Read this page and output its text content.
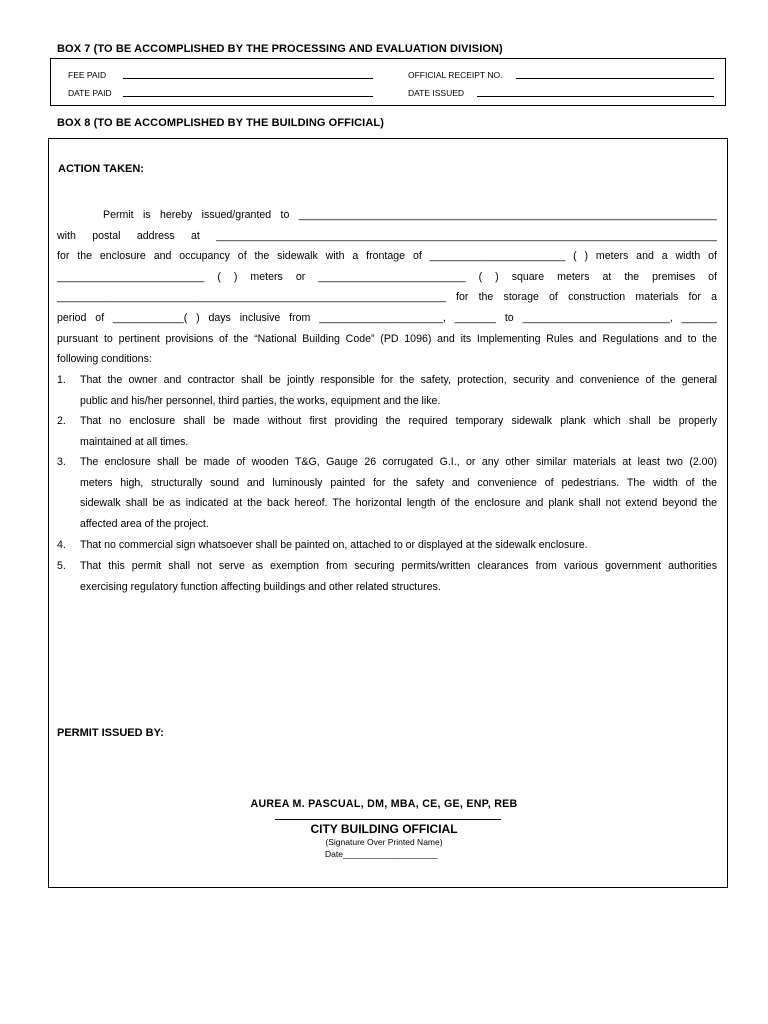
BOX 7 (TO BE ACCOMPLISHED BY THE PROCESSING AND EVALUATION DIVISION)
FEE PAID
DATE PAID
OFFICIAL RECEIPT NO.
DATE ISSUED
BOX 8 (TO BE ACCOMPLISHED BY THE BUILDING OFFICIAL)
ACTION TAKEN:
Permit is hereby issued/granted to _______________________________________________________________________
with postal address at _____________________________________________________________________________________
for the enclosure and occupancy of the sidewalk with a frontage of _______________________ ( ) meters and a width of
_________________________ ( ) meters or _________________________ ( ) square meters at the premises of
__________________________________________________________________ for the storage of construction materials for a
period of ____________( ) days inclusive from _____________________, _______ to _________________________, ______
pursuant to pertinent provisions of the “National Building Code” (PD 1096) and its Implementing Rules and Regulations and to the
following conditions:
1. That the owner and contractor shall be jointly responsible for the safety, protection, security and convenience of the general
public and his/her personnel, third parties, the works, equipment and the like.
2. That no enclosure shall be made without first providing the required temporary sidewalk plank which shall be properly
maintained at all times.
3. The enclosure shall be made of wooden T&G, Gauge 26 corrugated G.I., or any other similar materials at least two (2.00)
meters high, structurally sound and luminously painted for the safety and convenience of pedestrians. The width of the
sidewalk shall be as indicated at the back hereof. The horizontal length of the enclosure and plank shall not extend beyond the
affected area of the project.
4. That no commercial sign whatsoever shall be painted on, attached to or displayed at the sidewalk enclosure.
5. That this permit shall not serve as exemption from securing permits/written clearances from various government authorities
exercising regulatory function affecting buildings and other related structures.
PERMIT ISSUED BY:
AUREA M. PASCUAL, DM, MBA, CE, GE, ENP, REB
CITY BUILDING OFFICIAL
(Signature Over Printed Name)
Date____________________
